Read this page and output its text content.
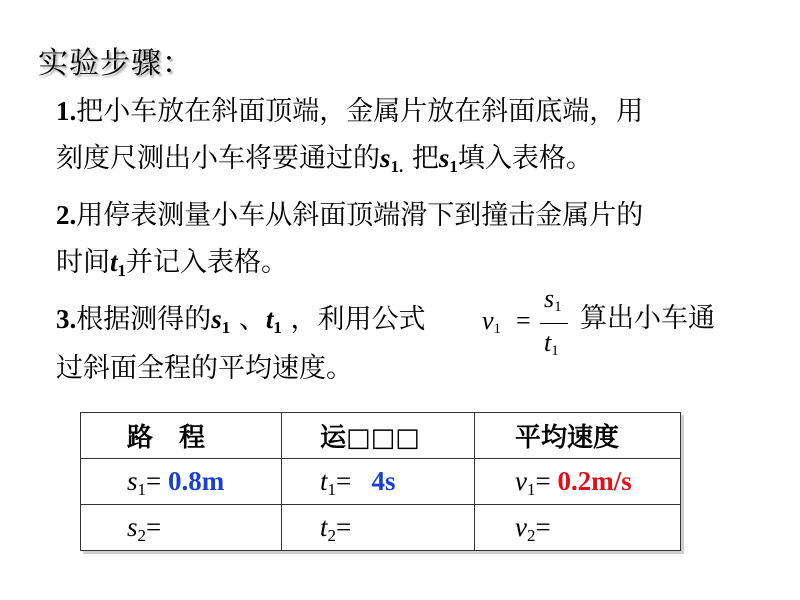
实验步骤：
1.把小车放在斜面顶端，金属片放在斜面底端，用
刻度尺测出小车将要通过的s1. 把s1填入表格。
2.用停表测量小车从斜面顶端滑下到撞击金属片的
时间t1并记入表格。
3.根据测得的s1 、t1 ，利用公式
过斜面全程的平均速度。
v1 =
s1
t1
算出小车通
路　程	运□□□	平均速度
s1= 0.8m	t1=   4s	v1= 0.2m/s
s2=	t2=	v2=
